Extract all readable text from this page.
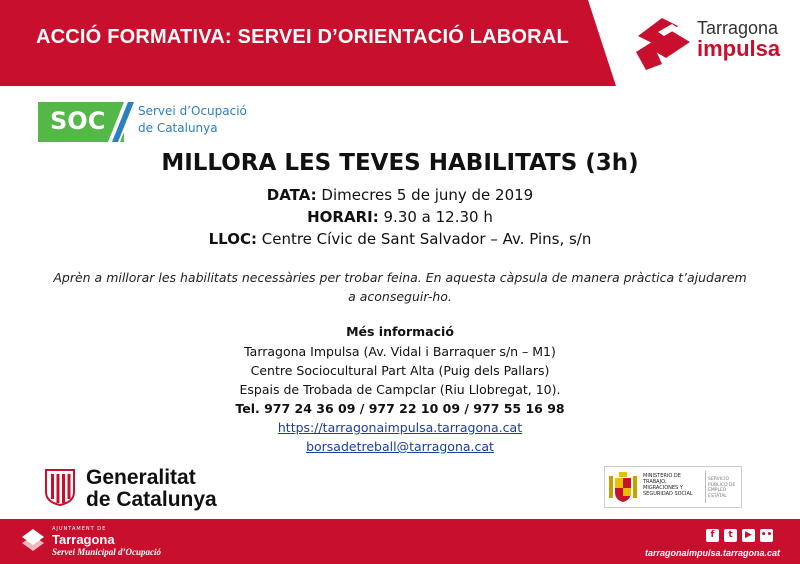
ACCIÓ FORMATIVA: SERVEI D’ORIENTACIÓ LABORAL	Tarragona
impulsa
SOC	Servei d’Ocupació
de Catalunya
MILLORA LES TEVES HABILITATS (3h)
DATA: Dimecres 5 de juny de 2019
HORARI: 9.30 a 12.30 h
LLOC: Centre Cívic de Sant Salvador – Av. Pins, s/n
Aprèn a millorar les habilitats necessàries per trobar feina. En aquesta càpsula de manera pràctica t’ajudarem a aconseguir-ho.
Més informació
Tarragona Impulsa (Av. Vidal i Barraquer s/n – M1)
Centre Sociocultural Part Alta (Puig dels Pallars)
Espais de Trobada de Campclar (Riu Llobregat, 10).
Tel. 977 24 36 09 / 977 22 10 09 / 977 55 16 98
https://tarragonaimpulsa.tarragona.cat
borsadetreball@tarragona.cat
Generalitat
de Catalunya
MINISTERIO DE TRABAJO, MIGRACIONES Y SEGURIDAD SOCIAL
SERVICIO PÚBLICO DE EMPLEO ESTATAL
AJUNTAMENT DE
Tarragona
Servei Municipal d’Ocupació
f	t	▶ ••
tarragonaimpulsa.tarragona.cat
